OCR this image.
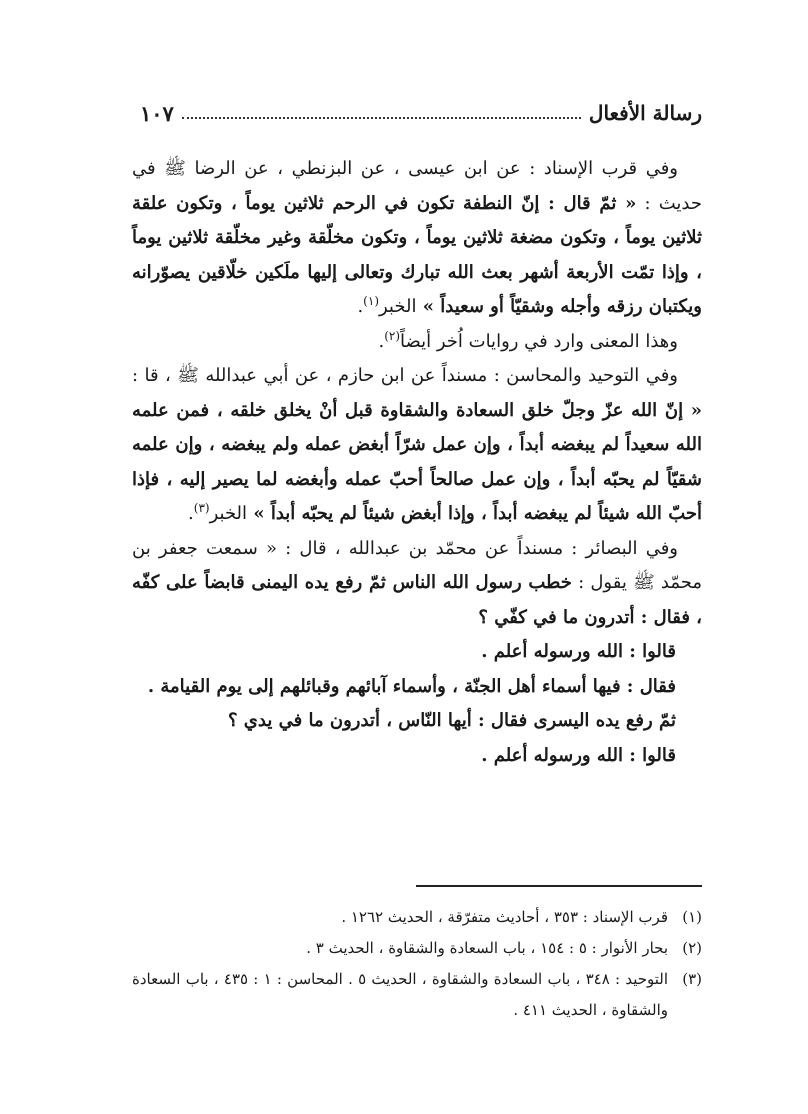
رسالة الأفعال
١٠٧

وفي قرب الإسناد : عن ابن عيسى ، عن البزنطي ، عن الرضا ﷺ في حديث : « ثمّ قال : إنّ النطفة تكون في الرحم ثلاثين يوماً ، وتكون علقة ثلاثين يوماً ، وتكون مضغة ثلاثين يوماً ، وتكون مخلّقة وغير مخلّقة ثلاثين يوماً ، وإذا تمّت الأربعة أشهر بعث الله تبارك وتعالى إليها ملَكين خلّاقين يصوّرانه ويكتبان رزقه وأجله وشقيّاً أو سعيداً » الخبر$^{(١)}$.

وهذا المعنى وارد في روايات اُخر أيضاً$^{(٢)}$.

وفي التوحيد والمحاسن : مسنداً عن ابن حازم ، عن أبي عبدالله ﷺ ، قا : « إنّ الله عزّ وجلّ خلق السعادة والشقاوة قبل أنْ يخلق خلقه ، فمن علمه الله سعيداً لم يبغضه أبداً ، وإن عمل شرّاً أبغض عمله ولم يبغضه ، وإن علمه شقيّاً لم يحبّه أبداً ، وإن عمل صالحاً أحبّ عمله وأبغضه لما يصير إليه ، فإذا أحبّ الله شيئاً لم يبغضه أبداً ، وإذا أبغض شيئاً لم يحبّه أبداً » الخبر$^{(٣)}$.

وفي البصائر : مسنداً عن محمّد بن عبدالله ، قال : « سمعت جعفر بن محمّد ﷺ يقول : خطب رسول الله الناس ثمّ رفع يده اليمنى قابضاً على كفّه ، فقال : أتدرون ما في كفّي ؟

قالوا : الله ورسوله أعلم .

فقال : فيها أسماء أهل الجنّة ، وأسماء آبائهم وقبائلهم إلى يوم القيامة .

ثمّ رفع يده اليسرى فقال : أيها النّاس ، أتدرون ما في يدي ؟

قالوا : الله ورسوله أعلم .

(١)
قرب الإسناد : ٣٥٣ ، أحاديث متفرّقة ، الحديث ١٢٦٢ .

(٢)
بحار الأنوار : ٥ : ١٥٤ ، باب السعادة والشقاوة ، الحديث ٣ .

(٣)
التوحيد : ٣٤٨ ، باب السعادة والشقاوة ، الحديث ٥ . المحاسن : ١ : ٤٣٥ ، باب السعادة والشقاوة ، الحديث ٤١١ .
